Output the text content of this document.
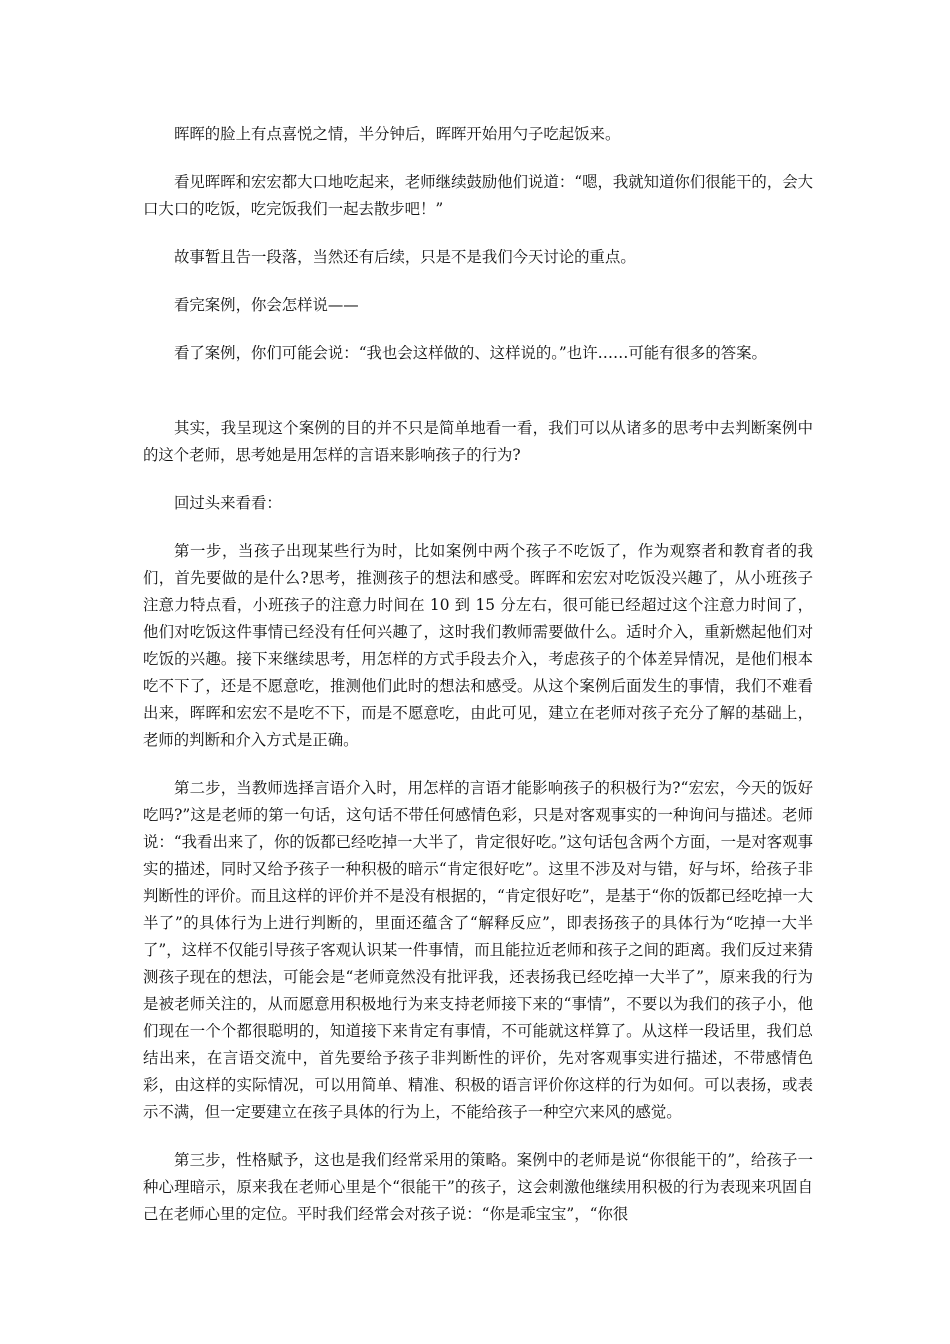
晖晖的脸上有点喜悦之情，半分钟后，晖晖开始用勺子吃起饭来。

看见晖晖和宏宏都大口地吃起来，老师继续鼓励他们说道：“嗯，我就知道你们很能干的，会大口大口的吃饭，吃完饭我们一起去散步吧！”

故事暂且告一段落，当然还有后续，只是不是我们今天讨论的重点。

看完案例，你会怎样说——

看了案例，你们可能会说：“我也会这样做的、这样说的。”也许……可能有很多的答案。

其实，我呈现这个案例的目的并不只是简单地看一看，我们可以从诸多的思考中去判断案例中的这个老师，思考她是用怎样的言语来影响孩子的行为?

回过头来看看：

第一步，当孩子出现某些行为时，比如案例中两个孩子不吃饭了，作为观察者和教育者的我们，首先要做的是什么?思考，推测孩子的想法和感受。晖晖和宏宏对吃饭没兴趣了，从小班孩子注意力特点看，小班孩子的注意力时间在 10 到 15 分左右，很可能已经超过这个注意力时间了，他们对吃饭这件事情已经没有任何兴趣了，这时我们教师需要做什么。适时介入，重新燃起他们对吃饭的兴趣。接下来继续思考，用怎样的方式手段去介入，考虑孩子的个体差异情况，是他们根本吃不下了，还是不愿意吃，推测他们此时的想法和感受。从这个案例后面发生的事情，我们不难看出来，晖晖和宏宏不是吃不下，而是不愿意吃，由此可见，建立在老师对孩子充分了解的基础上，老师的判断和介入方式是正确。

第二步，当教师选择言语介入时，用怎样的言语才能影响孩子的积极行为?“宏宏，今天的饭好吃吗?”这是老师的第一句话，这句话不带任何感情色彩，只是对客观事实的一种询问与描述。老师说：“我看出来了，你的饭都已经吃掉一大半了，肯定很好吃。”这句话包含两个方面，一是对客观事实的描述，同时又给予孩子一种积极的暗示“肯定很好吃”。这里不涉及对与错，好与坏，给孩子非判断性的评价。而且这样的评价并不是没有根据的，“肯定很好吃”，是基于“你的饭都已经吃掉一大半了”的具体行为上进行判断的，里面还蕴含了“解释反应”，即表扬孩子的具体行为“吃掉一大半了”，这样不仅能引导孩子客观认识某一件事情，而且能拉近老师和孩子之间的距离。我们反过来猜测孩子现在的想法，可能会是“老师竟然没有批评我，还表扬我已经吃掉一大半了”，原来我的行为是被老师关注的，从而愿意用积极地行为来支持老师接下来的“事情”，不要以为我们的孩子小，他们现在一个个都很聪明的，知道接下来肯定有事情，不可能就这样算了。从这样一段话里，我们总结出来，在言语交流中，首先要给予孩子非判断性的评价，先对客观事实进行描述，不带感情色彩，由这样的实际情况，可以用简单、精准、积极的语言评价你这样的行为如何。可以表扬，或表示不满，但一定要建立在孩子具体的行为上，不能给孩子一种空穴来风的感觉。

第三步，性格赋予，这也是我们经常采用的策略。案例中的老师是说“你很能干的”，给孩子一种心理暗示，原来我在老师心里是个“很能干”的孩子，这会刺激他继续用积极的行为表现来巩固自己在老师心里的定位。平时我们经常会对孩子说：“你是乖宝宝”，“你很
